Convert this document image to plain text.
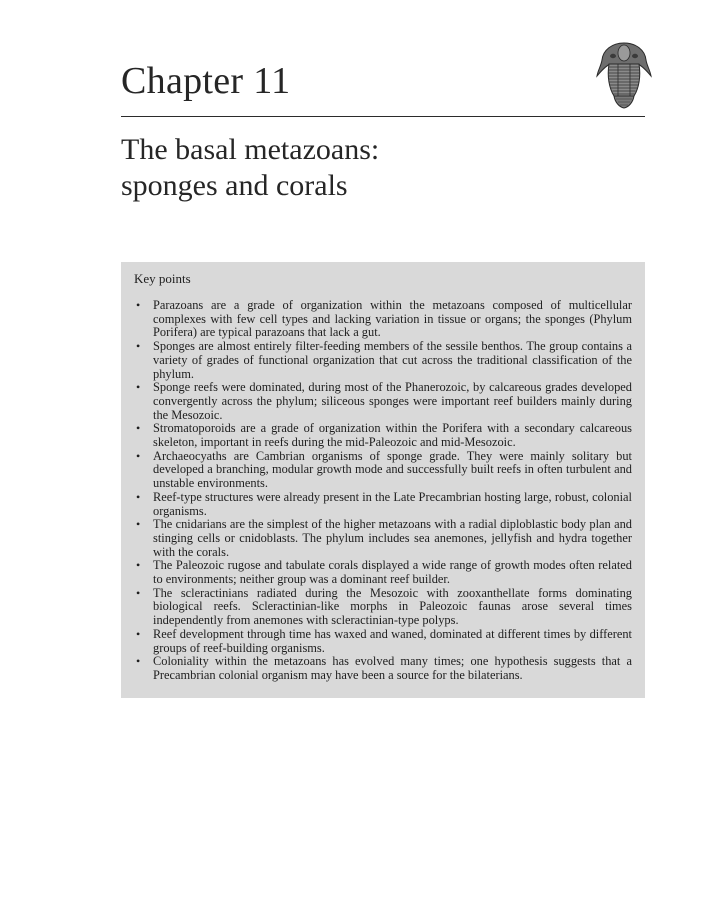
Chapter 11
The basal metazoans:
sponges and corals
Key points
• Parazoans are a grade of organization within the metazoans composed of multicellular complexes with few cell types and lacking variation in tissue or organs; the sponges (Phylum Porifera) are typical parazoans that lack a gut.
• Sponges are almost entirely filter-feeding members of the sessile benthos. The group contains a variety of grades of functional organization that cut across the traditional classification of the phylum.
• Sponge reefs were dominated, during most of the Phanerozoic, by calcareous grades developed convergently across the phylum; siliceous sponges were important reef builders mainly during the Mesozoic.
• Stromatoporoids are a grade of organization within the Porifera with a secondary calcareous skeleton, important in reefs during the mid-Paleozoic and mid-Mesozoic.
• Archaeocyaths are Cambrian organisms of sponge grade. They were mainly solitary but developed a branching, modular growth mode and successfully built reefs in often turbulent and unstable environments.
• Reef-type structures were already present in the Late Precambrian hosting large, robust, colonial organisms.
• The cnidarians are the simplest of the higher metazoans with a radial diploblastic body plan and stinging cells or cnidoblasts. The phylum includes sea anemones, jellyfish and hydra together with the corals.
• The Paleozoic rugose and tabulate corals displayed a wide range of growth modes often related to environments; neither group was a dominant reef builder.
• The scleractinians radiated during the Mesozoic with zooxanthellate forms dominating biological reefs. Scleractinian-like morphs in Paleozoic faunas arose several times independently from anemones with scleractinian-type polyps.
• Reef development through time has waxed and waned, dominated at different times by different groups of reef-building organisms.
• Coloniality within the metazoans has evolved many times; one hypothesis suggests that a Precambrian colonial organism may have been a source for the bilaterians.
